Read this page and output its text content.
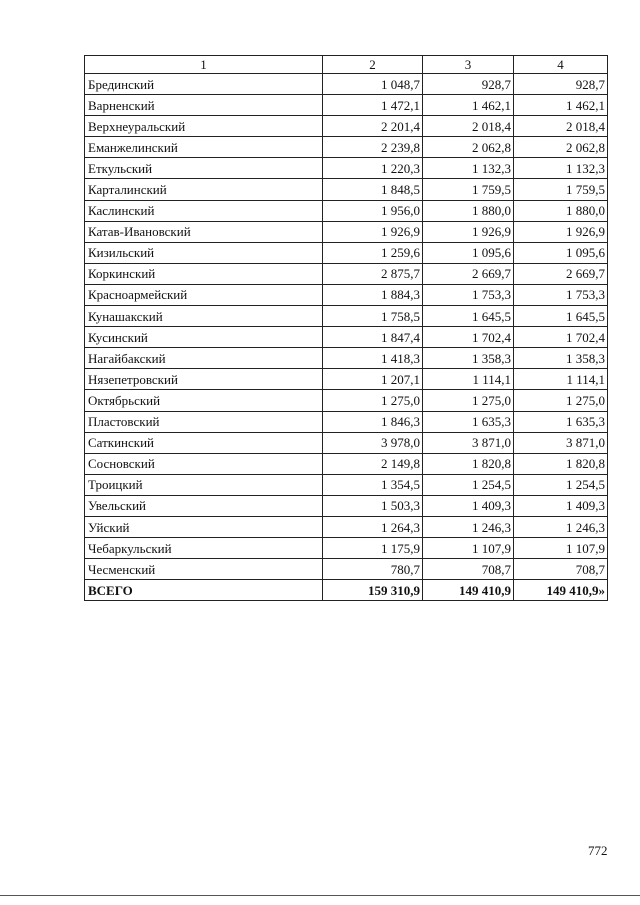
1	2	3	4
Брединский	1 048,7	928,7	928,7
Варненский	1 472,1	1 462,1	1 462,1
Верхнеуральский	2 201,4	2 018,4	2 018,4
Еманжелинский	2 239,8	2 062,8	2 062,8
Еткульский	1 220,3	1 132,3	1 132,3
Карталинский	1 848,5	1 759,5	1 759,5
Каслинский	1 956,0	1 880,0	1 880,0
Катав-Ивановский	1 926,9	1 926,9	1 926,9
Кизильский	1 259,6	1 095,6	1 095,6
Коркинский	2 875,7	2 669,7	2 669,7
Красноармейский	1 884,3	1 753,3	1 753,3
Кунашакский	1 758,5	1 645,5	1 645,5
Кусинский	1 847,4	1 702,4	1 702,4
Нагайбакский	1 418,3	1 358,3	1 358,3
Нязепетровский	1 207,1	1 114,1	1 114,1
Октябрьский	1 275,0	1 275,0	1 275,0
Пластовский	1 846,3	1 635,3	1 635,3
Саткинский	3 978,0	3 871,0	3 871,0
Сосновский	2 149,8	1 820,8	1 820,8
Троицкий	1 354,5	1 254,5	1 254,5
Увельский	1 503,3	1 409,3	1 409,3
Уйский	1 264,3	1 246,3	1 246,3
Чебаркульский	1 175,9	1 107,9	1 107,9
Чесменский	780,7	708,7	708,7
ВСЕГО	159 310,9	149 410,9	149 410,9»
772
